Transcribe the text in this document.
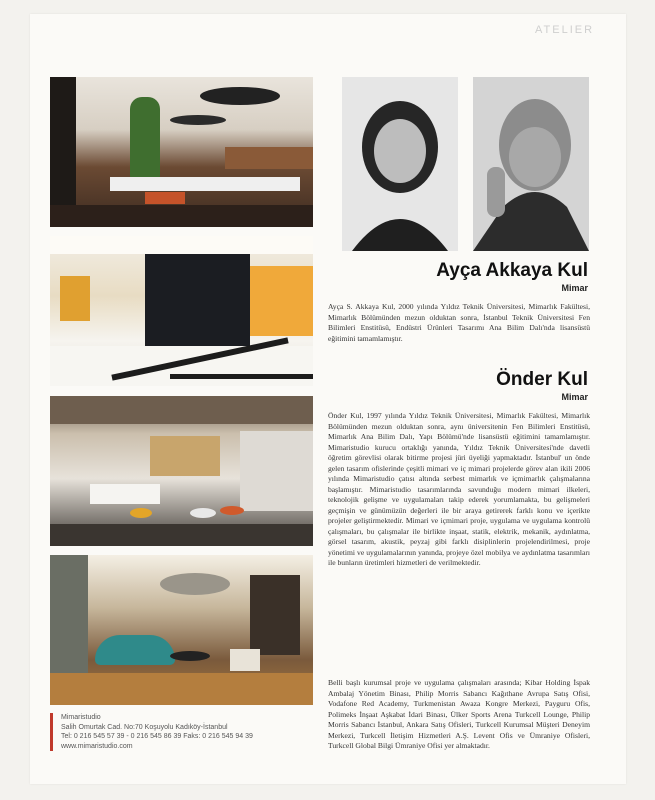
ATELIER
Ayça Akkaya Kul
Mimar
Ayça S. Akkaya Kul, 2000 yılında Yıldız Teknik Üniversitesi, Mimarlık Fakültesi, Mimarlık Bölümünden mezun olduktan sonra, İstanbul Teknik Üniversitesi Fen Bilimleri Enstitüsü, Endüstri Ürünleri Tasarımı Ana Bilim Dalı'nda lisansüstü eğitimini tamamlamıştır.
Önder Kul
Mimar
Önder Kul, 1997 yılında Yıldız Teknik Üniversitesi, Mimarlık Fakültesi, Mimarlık Bölümünden mezun olduktan sonra, aynı üniversitenin Fen Bilimleri Enstitüsü, Mimarlık Ana Bilim Dalı, Yapı Bölümü'nde lisansüstü eğitimini tamamlamıştır. Mimaristudio kurucu ortaklığı yanında, Yıldız Teknik Üniversitesi'nde davetli öğretim görevlisi olarak bitirme projesi jüri üyeliği yapmaktadır. İstanbul' un önde gelen tasarım ofislerinde çeşitli mimari ve iç mimari projelerde görev alan ikili 2006 yılında Mimaristudio çatısı altında serbest mimarlık ve içmimarlık çalışmalarına başlamıştır. Mimaristudio tasarımlarında savunduğu modern mimari ilkeleri, teknolojik gelişme ve uygulamaları takip ederek yorumlamakta, bu gelişmeleri geçmişin ve günümüzün değerleri ile bir araya getirerek farklı konu ve içerikte projeler geliştirmektedir. Mimari ve içmimari proje, uygulama ve uygulama kontrolü çalışmaları, bu çalışmalar ile birlikte inşaat, statik, elektrik, mekanik, aydınlatma, görsel tasarım, akustik, peyzaj gibi farklı disiplinlerin projelendirilmesi, proje yönetimi ve uygulamalarının yanında, projeye özel mobilya ve aydınlatma tasarımları ile bunların üretimleri hizmetleri de verilmektedir.
Belli başlı kurumsal proje ve uygulama çalışmaları arasında; Kibar Holding İspak Ambalaj Yönetim Binası, Philip Morris Sabancı Kağıthane Avrupa Satış Ofisi, Vodafone Red Academy, Turkmenistan Awaza Kongre Merkezi, Payguru Ofis, Polimeks İnşaat Aşkabat İdari Binası, Ülker Sports Arena Turkcell Lounge, Philip Morris Sabancı İstanbul, Ankara Satış Ofisleri, Turkcell Kurumsal Müşteri Deneyim Merkezi, Turkcell İletişim Hizmetleri A.Ş. Levent Ofis ve Ümraniye Ofisleri, Turkcell Global Bilgi Ümraniye Ofisi yer almaktadır.
Mimaristudio
Salih Omurtak Cad. No:70 Koşuyolu Kadıköy-İstanbul
Tel: 0 216 545 57 39 - 0 216 545 86 39 Faks: 0 216 545 94 39
www.mimaristudio.com
